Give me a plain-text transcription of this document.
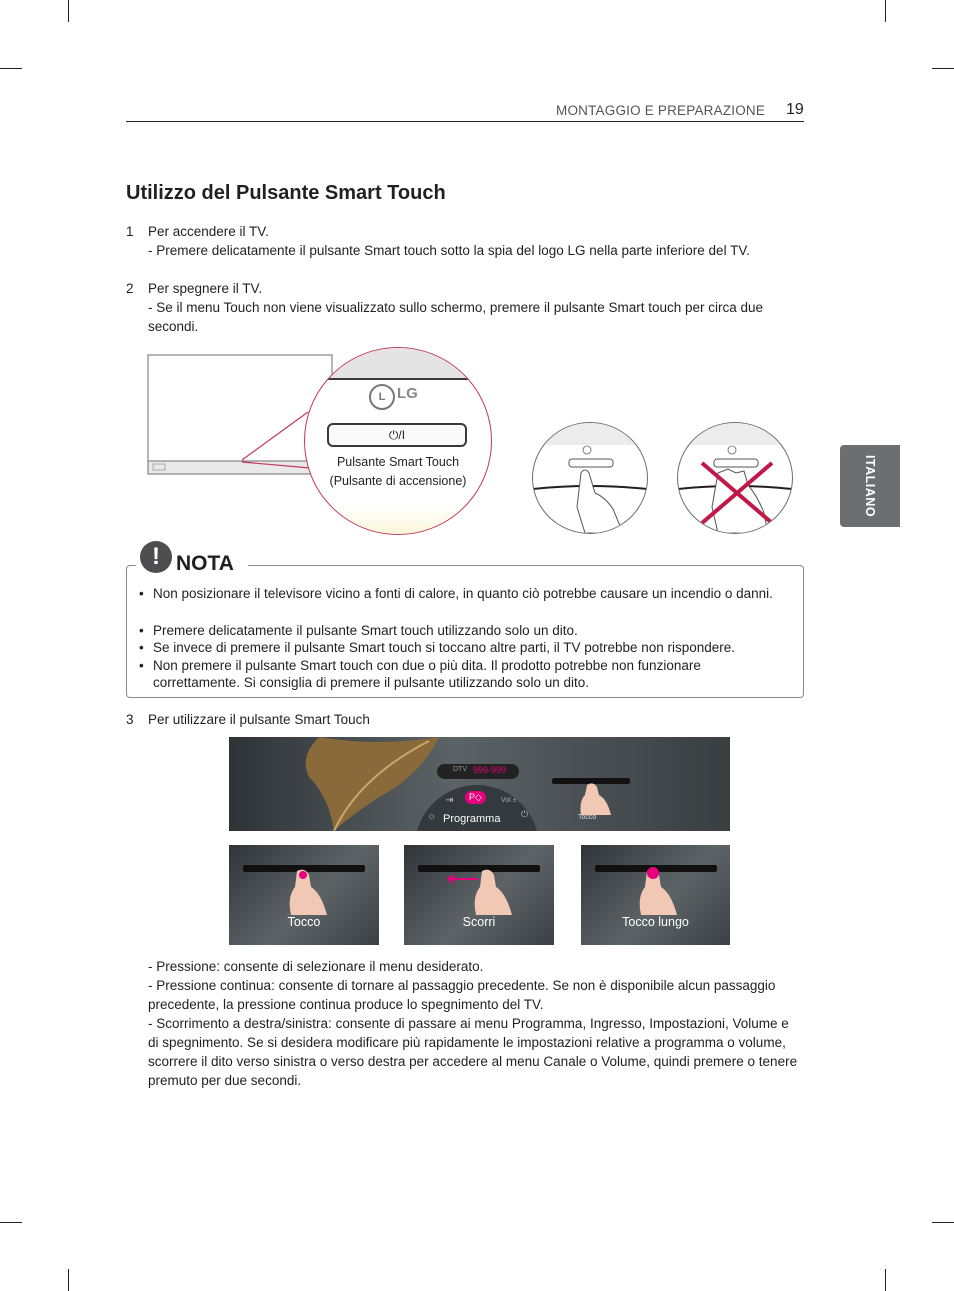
MONTAGGIO E PREPARAZIONE 19
Utilizzo del Pulsante Smart Touch
1 Per accendere il TV.
- Premere delicatamente il pulsante Smart touch sotto la spia del logo LG nella parte inferiore del TV.
2 Per spegnere il TV.
- Se il menu Touch non viene visualizzato sullo schermo, premere il pulsante Smart touch per circa due secondi.
L LG
⏻/I
Pulsante Smart Touch
(Pulsante di accensione)	ITALIANO
! NOTA
• Non posizionare il televisore vicino a fonti di calore, in quanto ciò potrebbe causare un incendio o danni.
• Premere delicatamente il pulsante Smart touch utilizzando solo un dito.
• Se invece di premere il pulsante Smart touch si toccano altre parti, il TV potrebbe non rispondere.
• Non premere il pulsante Smart touch con due o più dita. Il prodotto potrebbe non funzionare correttamente. Si consiglia di premere il pulsante utilizzando solo un dito.
3 Per utilizzare il pulsante Smart Touch
DTV 999-999
P◇
⇥	Vol ±
☼	⏻
Programma	Tocco
Tocco	Scorri	Tocco lungo
- Pressione: consente di selezionare il menu desiderato.
- Pressione continua: consente di tornare al passaggio precedente. Se non è disponibile alcun passaggio precedente, la pressione continua produce lo spegnimento del TV.
- Scorrimento a destra/sinistra: consente di passare ai menu Programma, Ingresso, Impostazioni, Volume e di spegnimento. Se si desidera modificare più rapidamente le impostazioni relative a programma o volume, scorrere il dito verso sinistra o verso destra per accedere al menu Canale o Volume, quindi premere o tenere premuto per due secondi.
